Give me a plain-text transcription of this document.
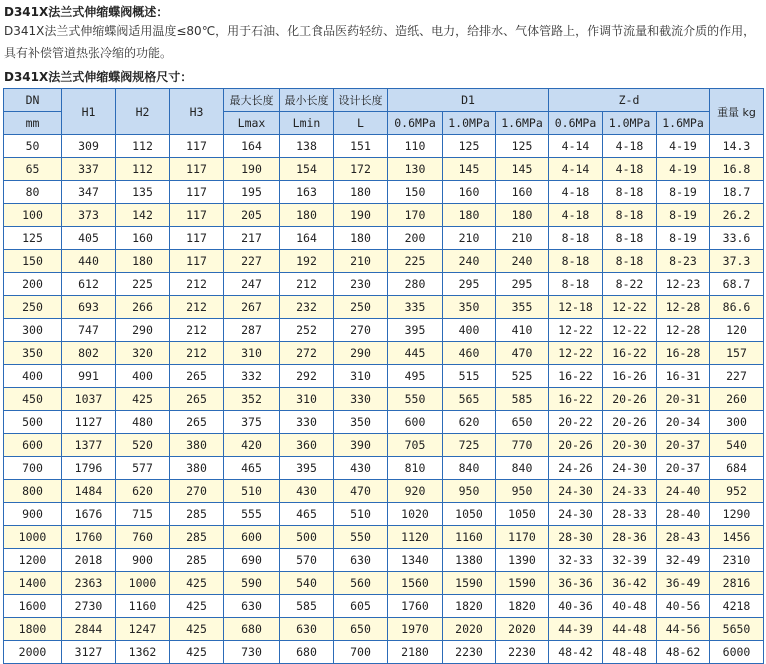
D341X法兰式伸缩蝶阀概述：
D341X法兰式伸缩蝶阀适用温度≤80℃，用于石油、化工食品医药轻纺、造纸、电力，给排水、气体管路上，作调节流量和截流介质的作用，具有补偿管道热张冷缩的功能。
D341X法兰式伸缩蝶阀规格尺寸：
DN	H1	H2	H3	最大长度	最小长度	设计长度	D1			Z-d			重量 kg
mm				Lmax	Lmin	L	0.6MPa	1.0MPa	1.6MPa	0.6MPa	1.0MPa	1.6MPa	
50	309	112	117	164	138	151	110	125	125	4-14	4-18	4-19	14.3
65	337	112	117	190	154	172	130	145	145	4-14	4-18	4-19	16.8
80	347	135	117	195	163	180	150	160	160	4-18	8-18	8-19	18.7
100	373	142	117	205	180	190	170	180	180	4-18	8-18	8-19	26.2
125	405	160	117	217	164	180	200	210	210	8-18	8-18	8-19	33.6
150	440	180	117	227	192	210	225	240	240	8-18	8-18	8-23	37.3
200	612	225	212	247	212	230	280	295	295	8-18	8-22	12-23	68.7
250	693	266	212	267	232	250	335	350	355	12-18	12-22	12-28	86.6
300	747	290	212	287	252	270	395	400	410	12-22	12-22	12-28	120
350	802	320	212	310	272	290	445	460	470	12-22	16-22	16-28	157
400	991	400	265	332	292	310	495	515	525	16-22	16-26	16-31	227
450	1037	425	265	352	310	330	550	565	585	16-22	20-26	20-31	260
500	1127	480	265	375	330	350	600	620	650	20-22	20-26	20-34	300
600	1377	520	380	420	360	390	705	725	770	20-26	20-30	20-37	540
700	1796	577	380	465	395	430	810	840	840	24-26	24-30	20-37	684
800	1484	620	270	510	430	470	920	950	950	24-30	24-33	24-40	952
900	1676	715	285	555	465	510	1020	1050	1050	24-30	28-33	28-40	1290
1000	1760	760	285	600	500	550	1120	1160	1170	28-30	28-36	28-43	1456
1200	2018	900	285	690	570	630	1340	1380	1390	32-33	32-39	32-49	2310
1400	2363	1000	425	590	540	560	1560	1590	1590	36-36	36-42	36-49	2816
1600	2730	1160	425	630	585	605	1760	1820	1820	40-36	40-48	40-56	4218
1800	2844	1247	425	680	630	650	1970	2020	2020	44-39	44-48	44-56	5650
2000	3127	1362	425	730	680	700	2180	2230	2230	48-42	48-48	48-62	6000
